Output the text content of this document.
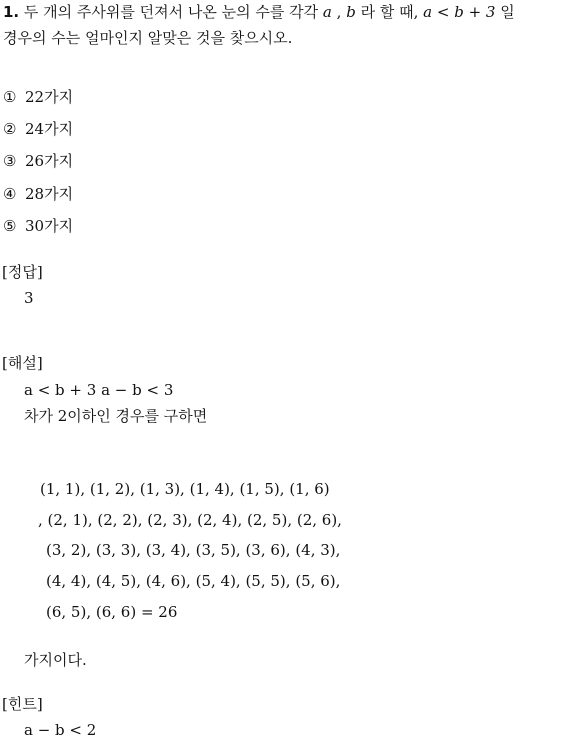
1. 두 개의 주사위를 던져서 나온 눈의 수를 각각 a , b 라 할 때, a < b + 3 일
경우의 수는 얼마인지 알맞은 것을 찾으시오.
① 22가지
② 24가지
③ 26가지
④ 28가지
⑤ 30가지
[정답]
3
[해설]
a < b + 3 a − b < 3
차가 2이하인 경우를 구하면
(1, 1), (1, 2), (1, 3), (1, 4), (1, 5), (1, 6)
, (2, 1), (2, 2), (2, 3), (2, 4), (2, 5), (2, 6),
(3, 2), (3, 3), (3, 4), (3, 5), (3, 6), (4, 3),
(4, 4), (4, 5), (4, 6), (5, 4), (5, 5), (5, 6),
(6, 5), (6, 6) = 26
가지이다.
[힌트]
a − b < 2
